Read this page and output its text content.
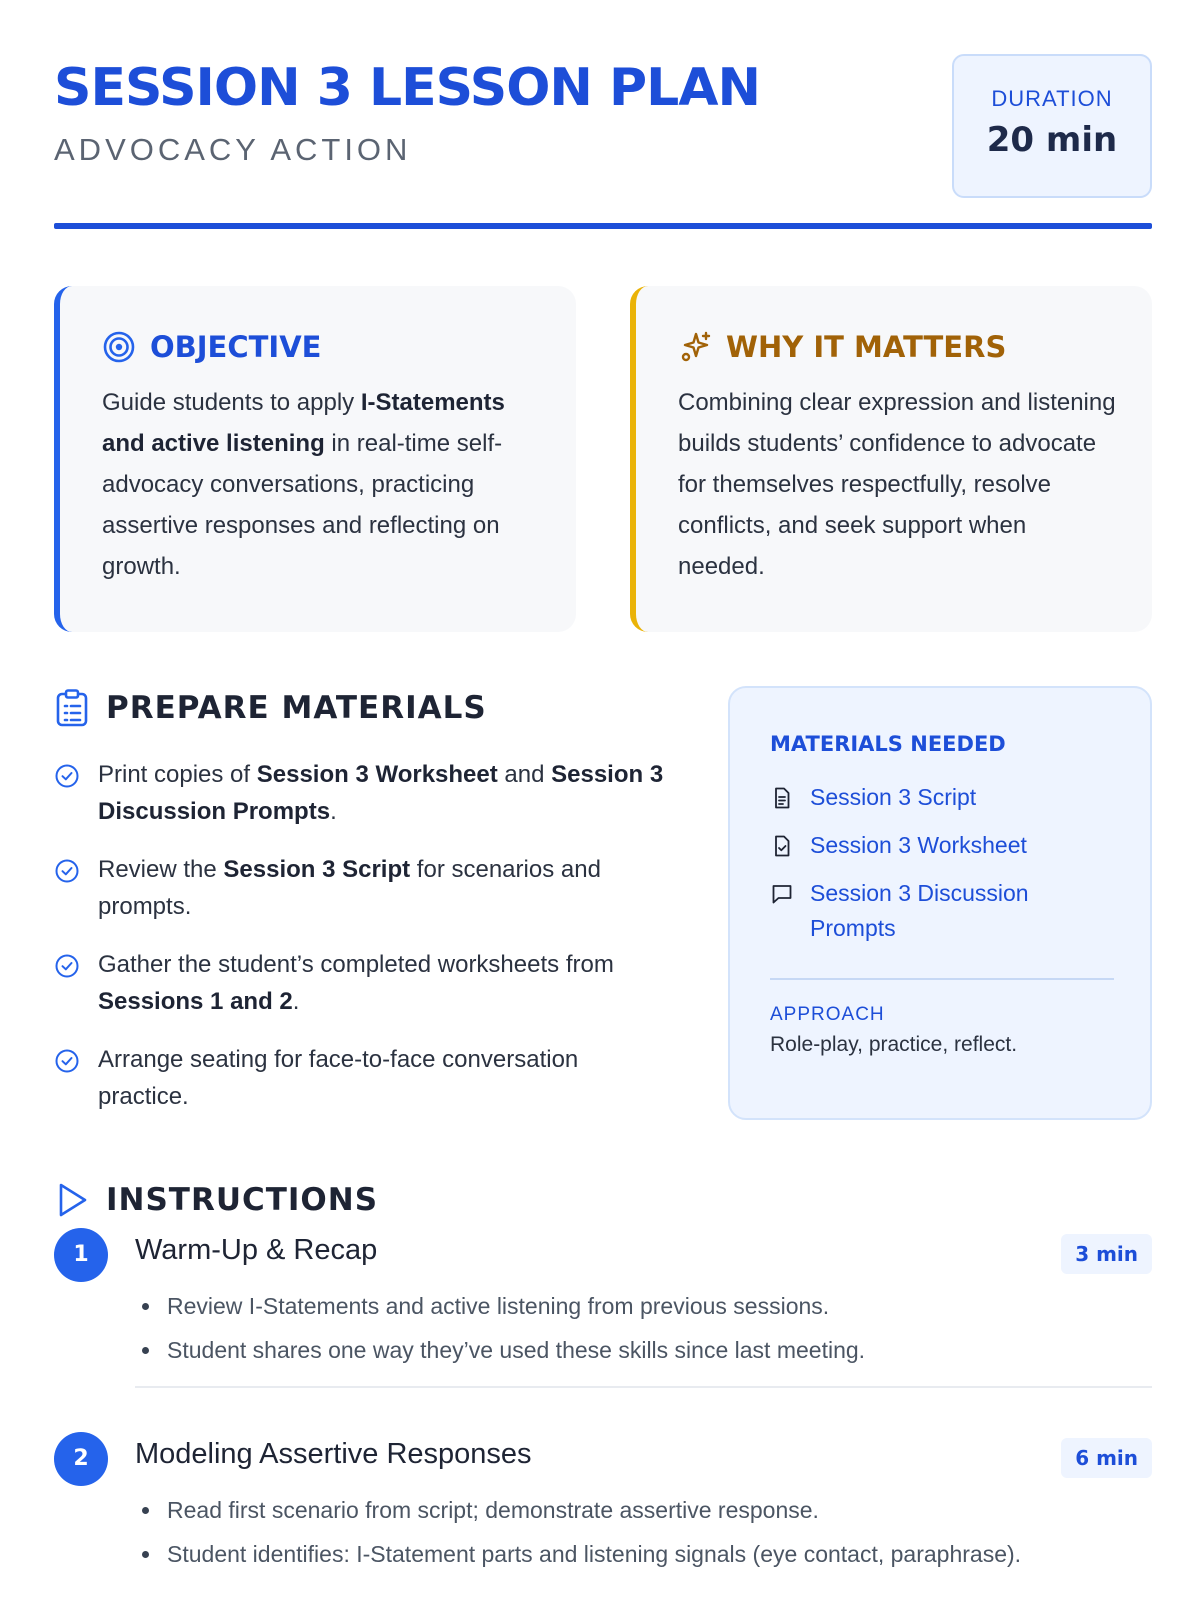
SESSION 3 LESSON PLAN
ADVOCACY ACTION
DURATION
20 min
OBJECTIVE
Guide students to apply I-Statements and active listening in real-time self-advocacy conversations, practicing assertive responses and reflecting on growth.
WHY IT MATTERS
Combining clear expression and listening builds students’ confidence to advocate for themselves respectfully, resolve conflicts, and seek support when needed.
PREPARE MATERIALS
Print copies of Session 3 Worksheet and Session 3 Discussion Prompts.
Review the Session 3 Script for scenarios and prompts.
Gather the student’s completed worksheets from Sessions 1 and 2.
Arrange seating for face-to-face conversation practice.
MATERIALS NEEDED
Session 3 Script
Session 3 Worksheet
Session 3 Discussion Prompts
APPROACH
Role-play, practice, reflect.
INSTRUCTIONS
1	Warm-Up & Recap	3 min
Review I-Statements and active listening from previous sessions.
Student shares one way they’ve used these skills since last meeting.
2	Modeling Assertive Responses	6 min
Read first scenario from script; demonstrate assertive response.
Student identifies: I-Statement parts and listening signals (eye contact, paraphrase).
